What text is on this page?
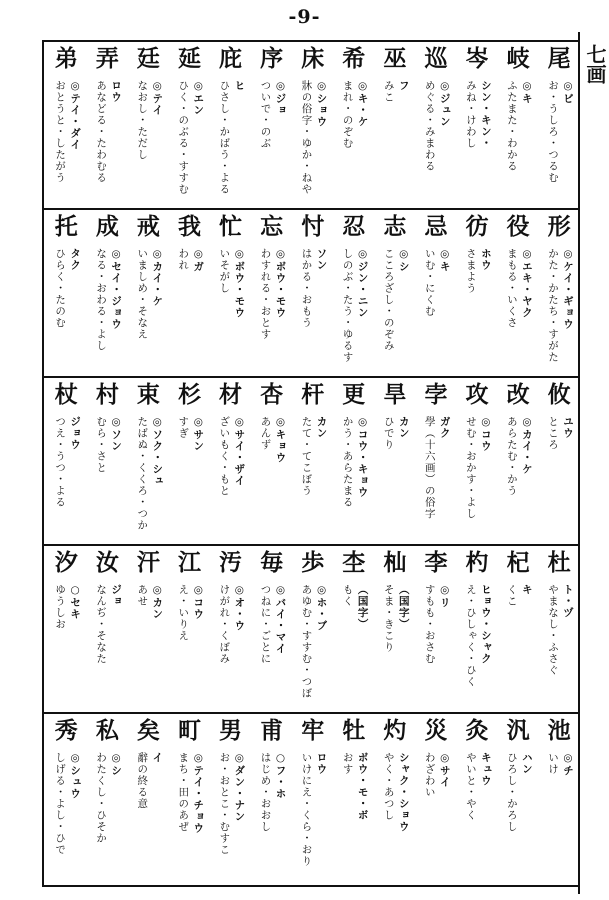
-9-
七画
尾
◎ビ
お・うしろ・つるむ
岐
◎キ
ふたまた・わかる
岑
シン・キン・
みね・けわし
巡
◎ジュン
めぐる・みまわる
巫
フ
みこ
希
◎キ・ケ
まれ・のぞむ
床
◎ショウ
牀の俗字・ゆか・ねや
序
◎ジョ
ついで・のぶ
庇
ヒ
ひさし・かばう・よる
延
◎エン
ひく・のぶる・すすむ
廷
◎テイ
なおし・ただし
弄
ロウ
あなどる・たわむる
弟
◎テイ・ダイ
おとうと・したがう
形
◎ケイ・ギョウ
かた・かたち・すがた
役
◎エキ・ヤク
まもる・いくさ
彷
ホウ
さまよう
忌
◎キ
いむ・にくむ
志
◎シ
こころざし・のぞみ
忍
◎ジン・ニン
しのぶ・たう・ゆるす
忖
ソン
はかる・おもう
忘
◎ボウ・モウ
わすれる・おとす
忙
◎ボウ・モウ
いそがし
我
◎ガ
われ
戒
◎カイ・ケ
いましめ・そなえ
成
◎セイ・ジョウ
なる・おわる・よし
托
タク
ひらく・たのむ
攸
ユウ
ところ
改
◎カイ・ケ
あらたむ・かう
攻
◎コウ
せむ・おかす・よし
孛
ガク
學（十六画）の俗字
旱
カン
ひでり
更
◎コウ・キョウ
かう・あらたまる
杆
カン
たて・てこぼう
杏
◎キョウ
あんず
材
◎サイ・ザイ
ざいもく・もと
杉
◎サン
すぎ
束
◎ソク・シュ
たばぬ・くくろ・つか
村
◎ソン
むら・さと
杖
ジョウ
つえ・うつ・よる
杜
ト・ヅ
やまなし・ふさぐ
杞
キ
くこ
杓
ヒョウ・シャク
え・ひしゃく・ひく
李
◎リ
すもも・おさむ
杣
（国字）
そま・きこり
杢
（国字）
もく
歩
◎ホ・ブ
あゆむ・すすむ・つぼ
毎
◎バイ・マイ
つねに・ごとに
汚
◎オ・ウ
けがれ・くぼみ
江
◎コウ
え・いりえ
汗
◎カン
あせ
汝
ジョ
なんぢ・そなた
汐
○セキ
ゆうしお
池
◎チ
いけ
汎
ハン
ひろし・かろし
灸
キュウ
やいと・やく
災
◎サイ
わざわい
灼
シャク・ショウ
やく・あつし
牡
ボウ・モ・ボ
おす
牢
ロウ
いけにえ・くら・おり
甫
○フ・ホ
はじめ・おおし
男
◎ダン・ナン
お・おとこ・むすこ
町
◎テイ・チョウ
まち・田のあぜ
矣
イ
辭の終る意
私
◎シ
わたくし・ひそか
秀
◎シュウ
しげる・よし・ひで
